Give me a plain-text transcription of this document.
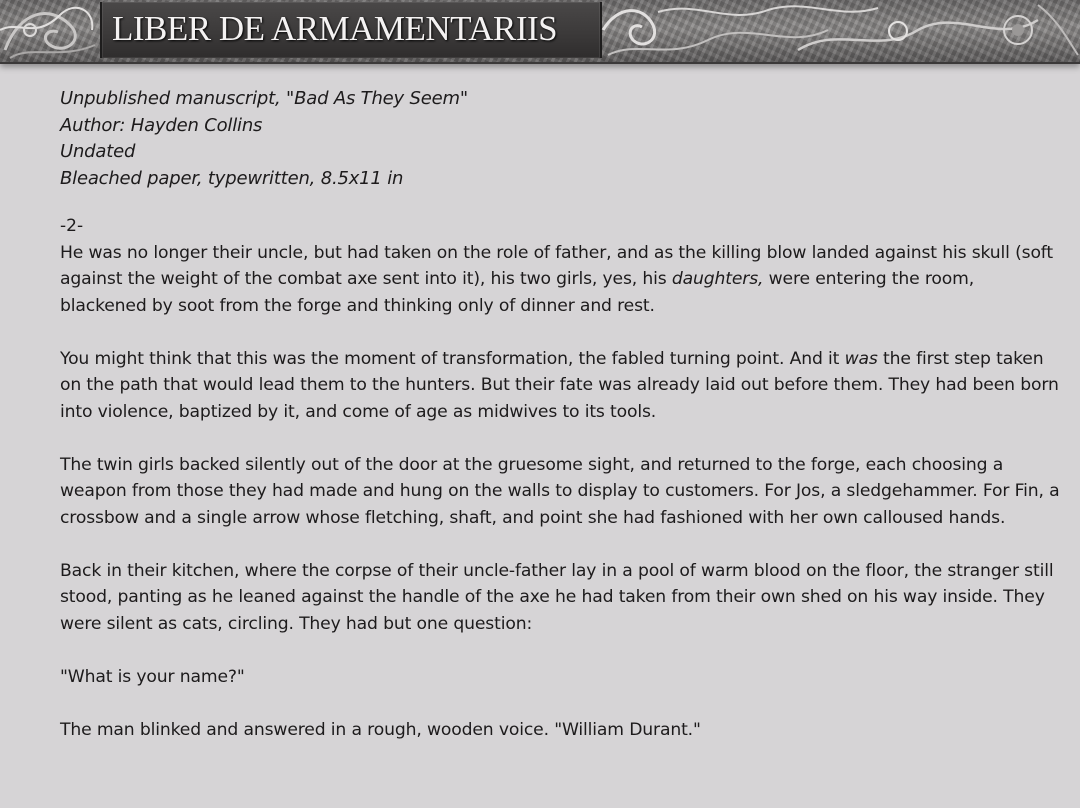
LIBER DE ARMAMENTARIIS

Unpublished manuscript, "Bad As They Seem"

Author: Hayden Collins

Undated

Bleached paper, typewritten, 8.5x11 in

-2-

He was no longer their uncle, but had taken on the role of father, and as the killing blow landed against his skull (soft against the weight of the combat axe sent into it), his two girls, yes, his daughters, were entering the room, blackened by soot from the forge and thinking only of dinner and rest.

You might think that this was the moment of transformation, the fabled turning point. And it was the first step taken on the path that would lead them to the hunters. But their fate was already laid out before them. They had been born into violence, baptized by it, and come of age as midwives to its tools.

The twin girls backed silently out of the door at the gruesome sight, and returned to the forge, each choosing a weapon from those they had made and hung on the walls to display to customers. For Jos, a sledgehammer. For Fin, a crossbow and a single arrow whose fletching, shaft, and point she had fashioned with her own calloused hands.

Back in their kitchen, where the corpse of their uncle-father lay in a pool of warm blood on the floor, the stranger still stood, panting as he leaned against the handle of the axe he had taken from their own shed on his way inside. They were silent as cats, circling. They had but one question:

"What is your name?"

The man blinked and answered in a rough, wooden voice. "William Durant."
